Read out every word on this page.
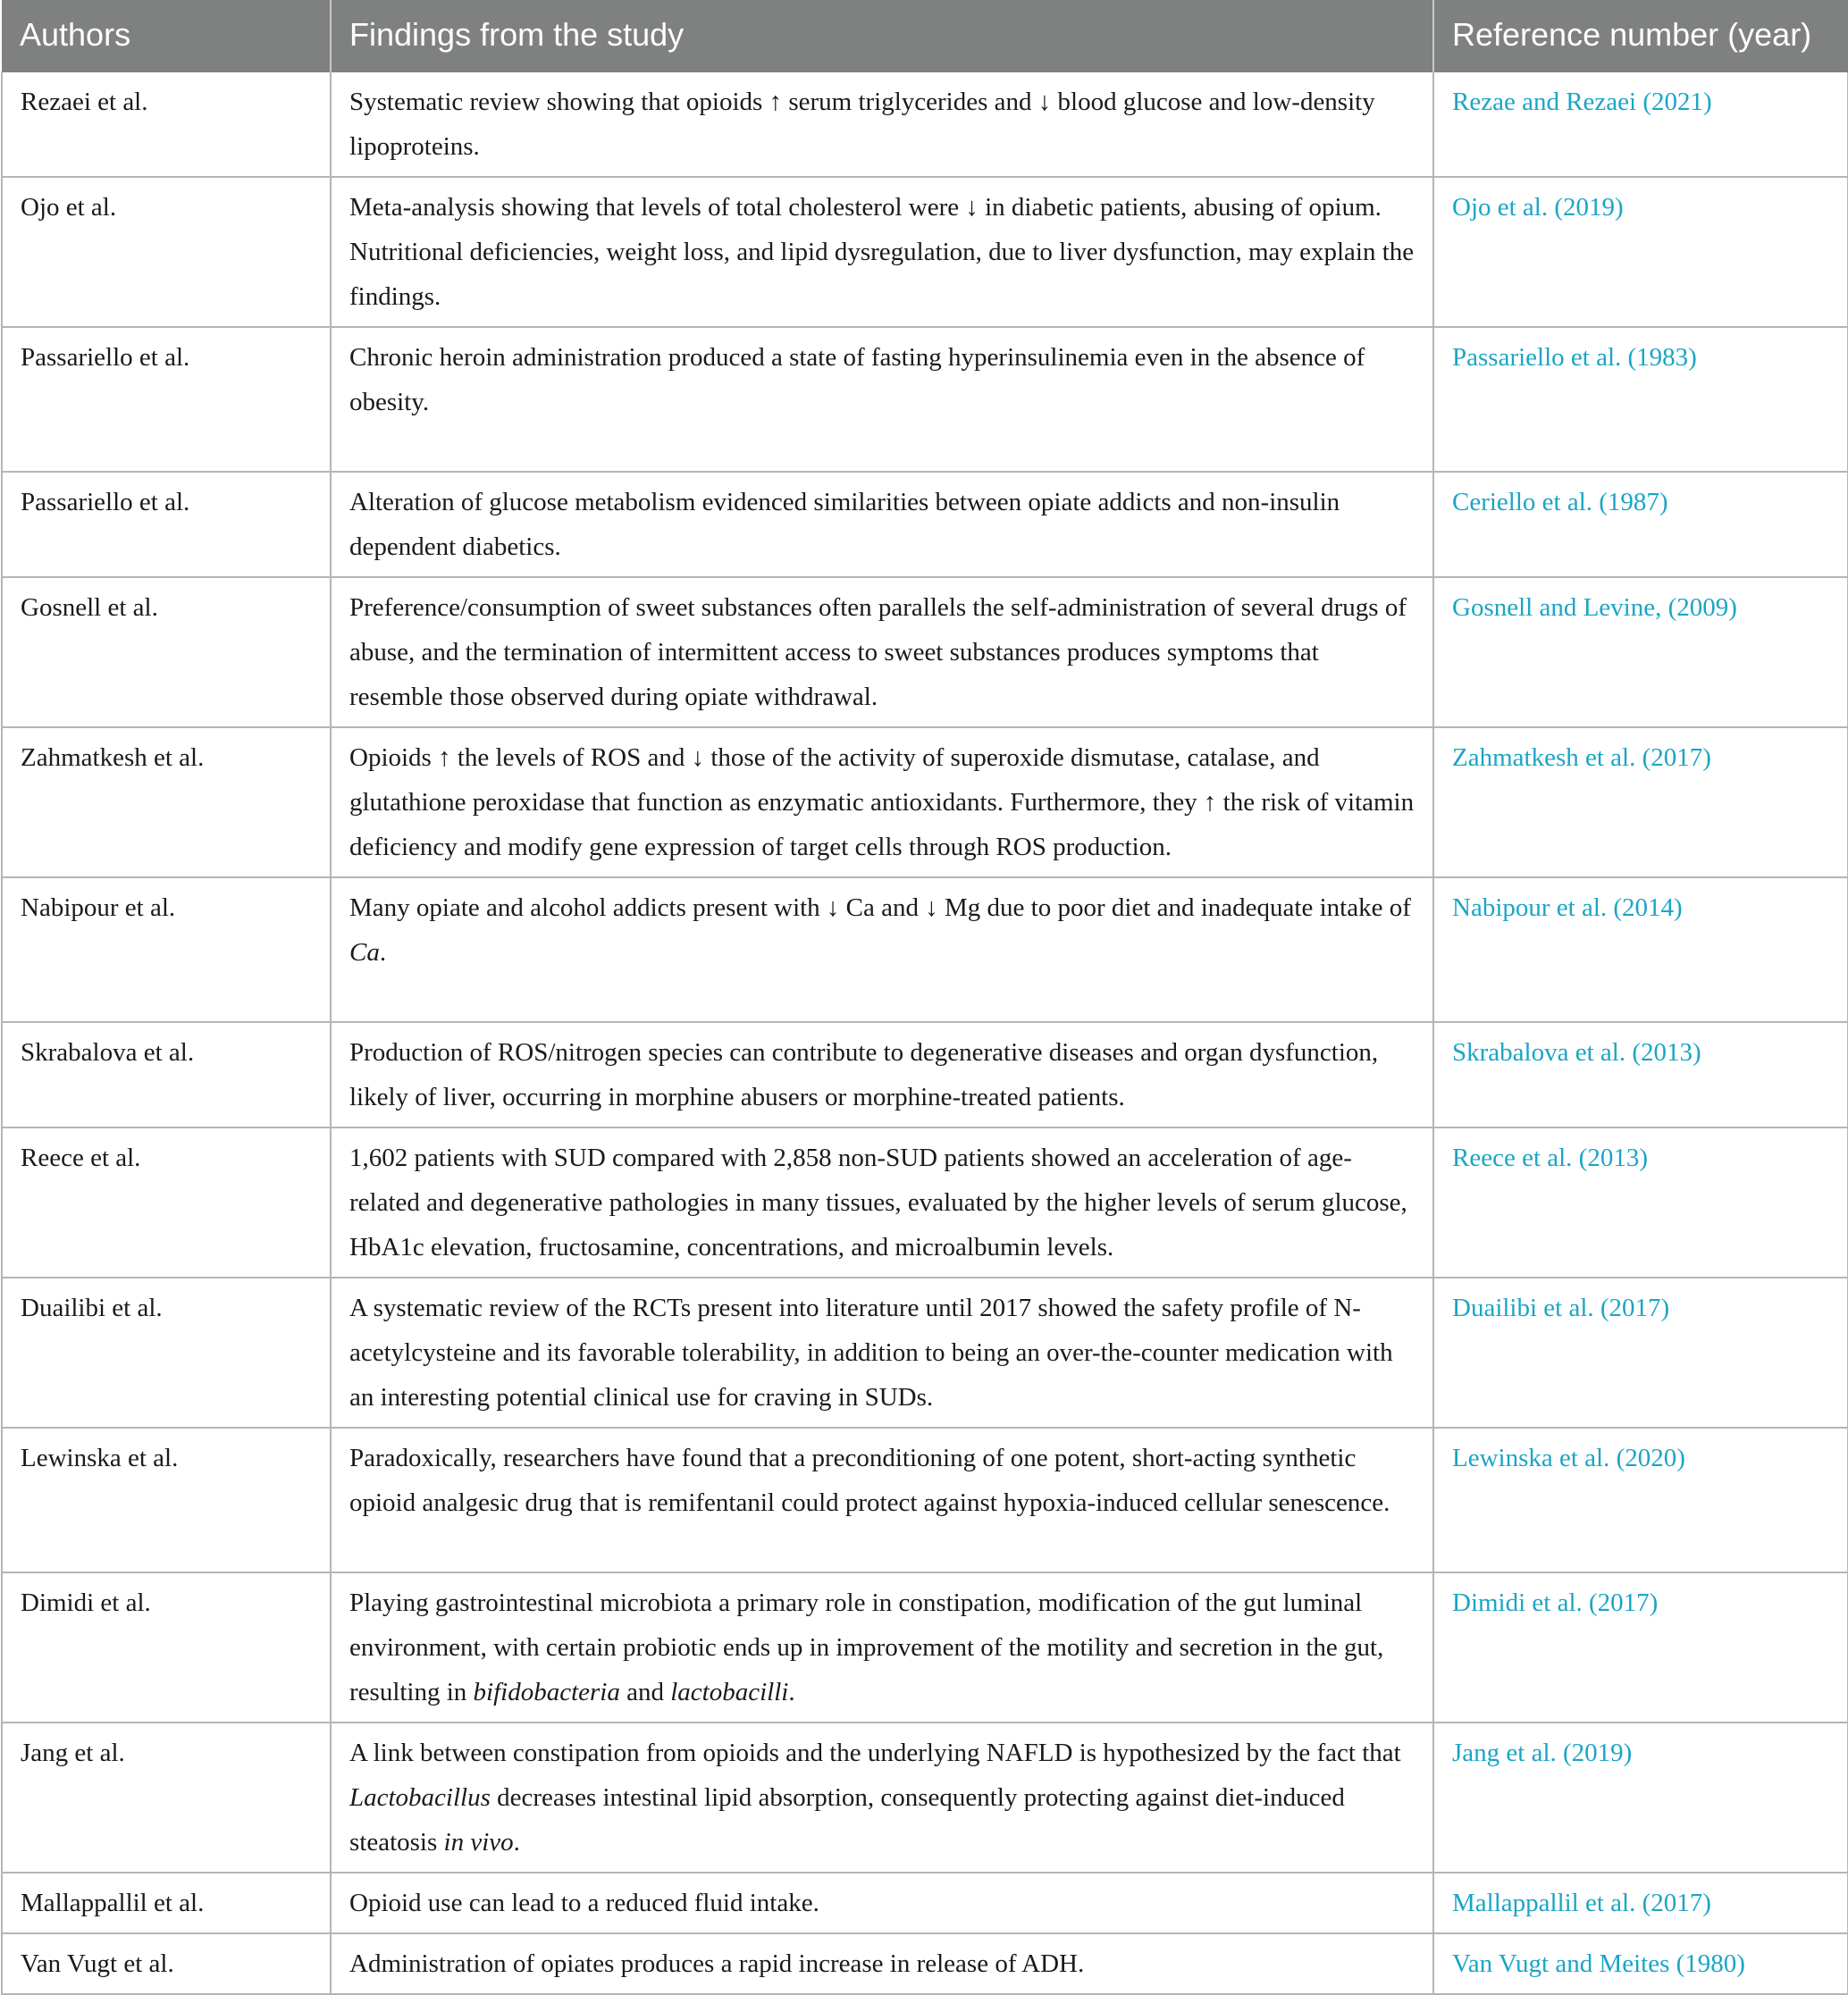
Authors	Findings from the study	Reference number (year)
Rezaei et al.	Systematic review showing that opioids ↑ serum triglycerides and ↓ blood glucose and low-density lipoproteins.	Rezae and Rezaei (2021)
Ojo et al.	Meta-analysis showing that levels of total cholesterol were ↓ in diabetic patients, abusing of opium. Nutritional deficiencies, weight loss, and lipid dysregulation, due to liver dysfunction, may explain the findings.	Ojo et al. (2019)
Passariello et al.	Chronic heroin administration produced a state of fasting hyperinsulinemia even in the absence of obesity.	Passariello et al. (1983)
Passariello et al.	Alteration of glucose metabolism evidenced similarities between opiate addicts and non-insulin dependent diabetics.	Ceriello et al. (1987)
Gosnell et al.	Preference/consumption of sweet substances often parallels the self-administration of several drugs of abuse, and the termination of intermittent access to sweet substances produces symptoms that resemble those observed during opiate withdrawal.	Gosnell and Levine, (2009)
Zahmatkesh et al.	Opioids ↑ the levels of ROS and ↓ those of the activity of superoxide dismutase, catalase, and glutathione peroxidase that function as enzymatic antioxidants. Furthermore, they ↑ the risk of vitamin deficiency and modify gene expression of target cells through ROS production.	Zahmatkesh et al. (2017)
Nabipour et al.	Many opiate and alcohol addicts present with ↓ Ca and ↓ Mg due to poor diet and inadequate intake of Ca.	Nabipour et al. (2014)
Skrabalova et al.	Production of ROS/nitrogen species can contribute to degenerative diseases and organ dysfunction, likely of liver, occurring in morphine abusers or morphine-treated patients.	Skrabalova et al. (2013)
Reece et al.	1,602 patients with SUD compared with 2,858 non-SUD patients showed an acceleration of age-related and degenerative pathologies in many tissues, evaluated by the higher levels of serum glucose, HbA1c elevation, fructosamine, concentrations, and microalbumin levels.	Reece et al. (2013)
Duailibi et al.	A systematic review of the RCTs present into literature until 2017 showed the safety profile of N-acetylcysteine and its favorable tolerability, in addition to being an over-the-counter medication with an interesting potential clinical use for craving in SUDs.	Duailibi et al. (2017)
Lewinska et al.	Paradoxically, researchers have found that a preconditioning of one potent, short-acting synthetic opioid analgesic drug that is remifentanil could protect against hypoxia-induced cellular senescence.	Lewinska et al. (2020)
Dimidi et al.	Playing gastrointestinal microbiota a primary role in constipation, modification of the gut luminal environment, with certain probiotic ends up in improvement of the motility and secretion in the gut, resulting in bifidobacteria and lactobacilli.	Dimidi et al. (2017)
Jang et al.	A link between constipation from opioids and the underlying NAFLD is hypothesized by the fact that Lactobacillus decreases intestinal lipid absorption, consequently protecting against diet-induced steatosis in vivo.	Jang et al. (2019)
Mallappallil et al.	Opioid use can lead to a reduced fluid intake.	Mallappallil et al. (2017)
Van Vugt et al.	Administration of opiates produces a rapid increase in release of ADH.	Van Vugt and Meites (1980)
